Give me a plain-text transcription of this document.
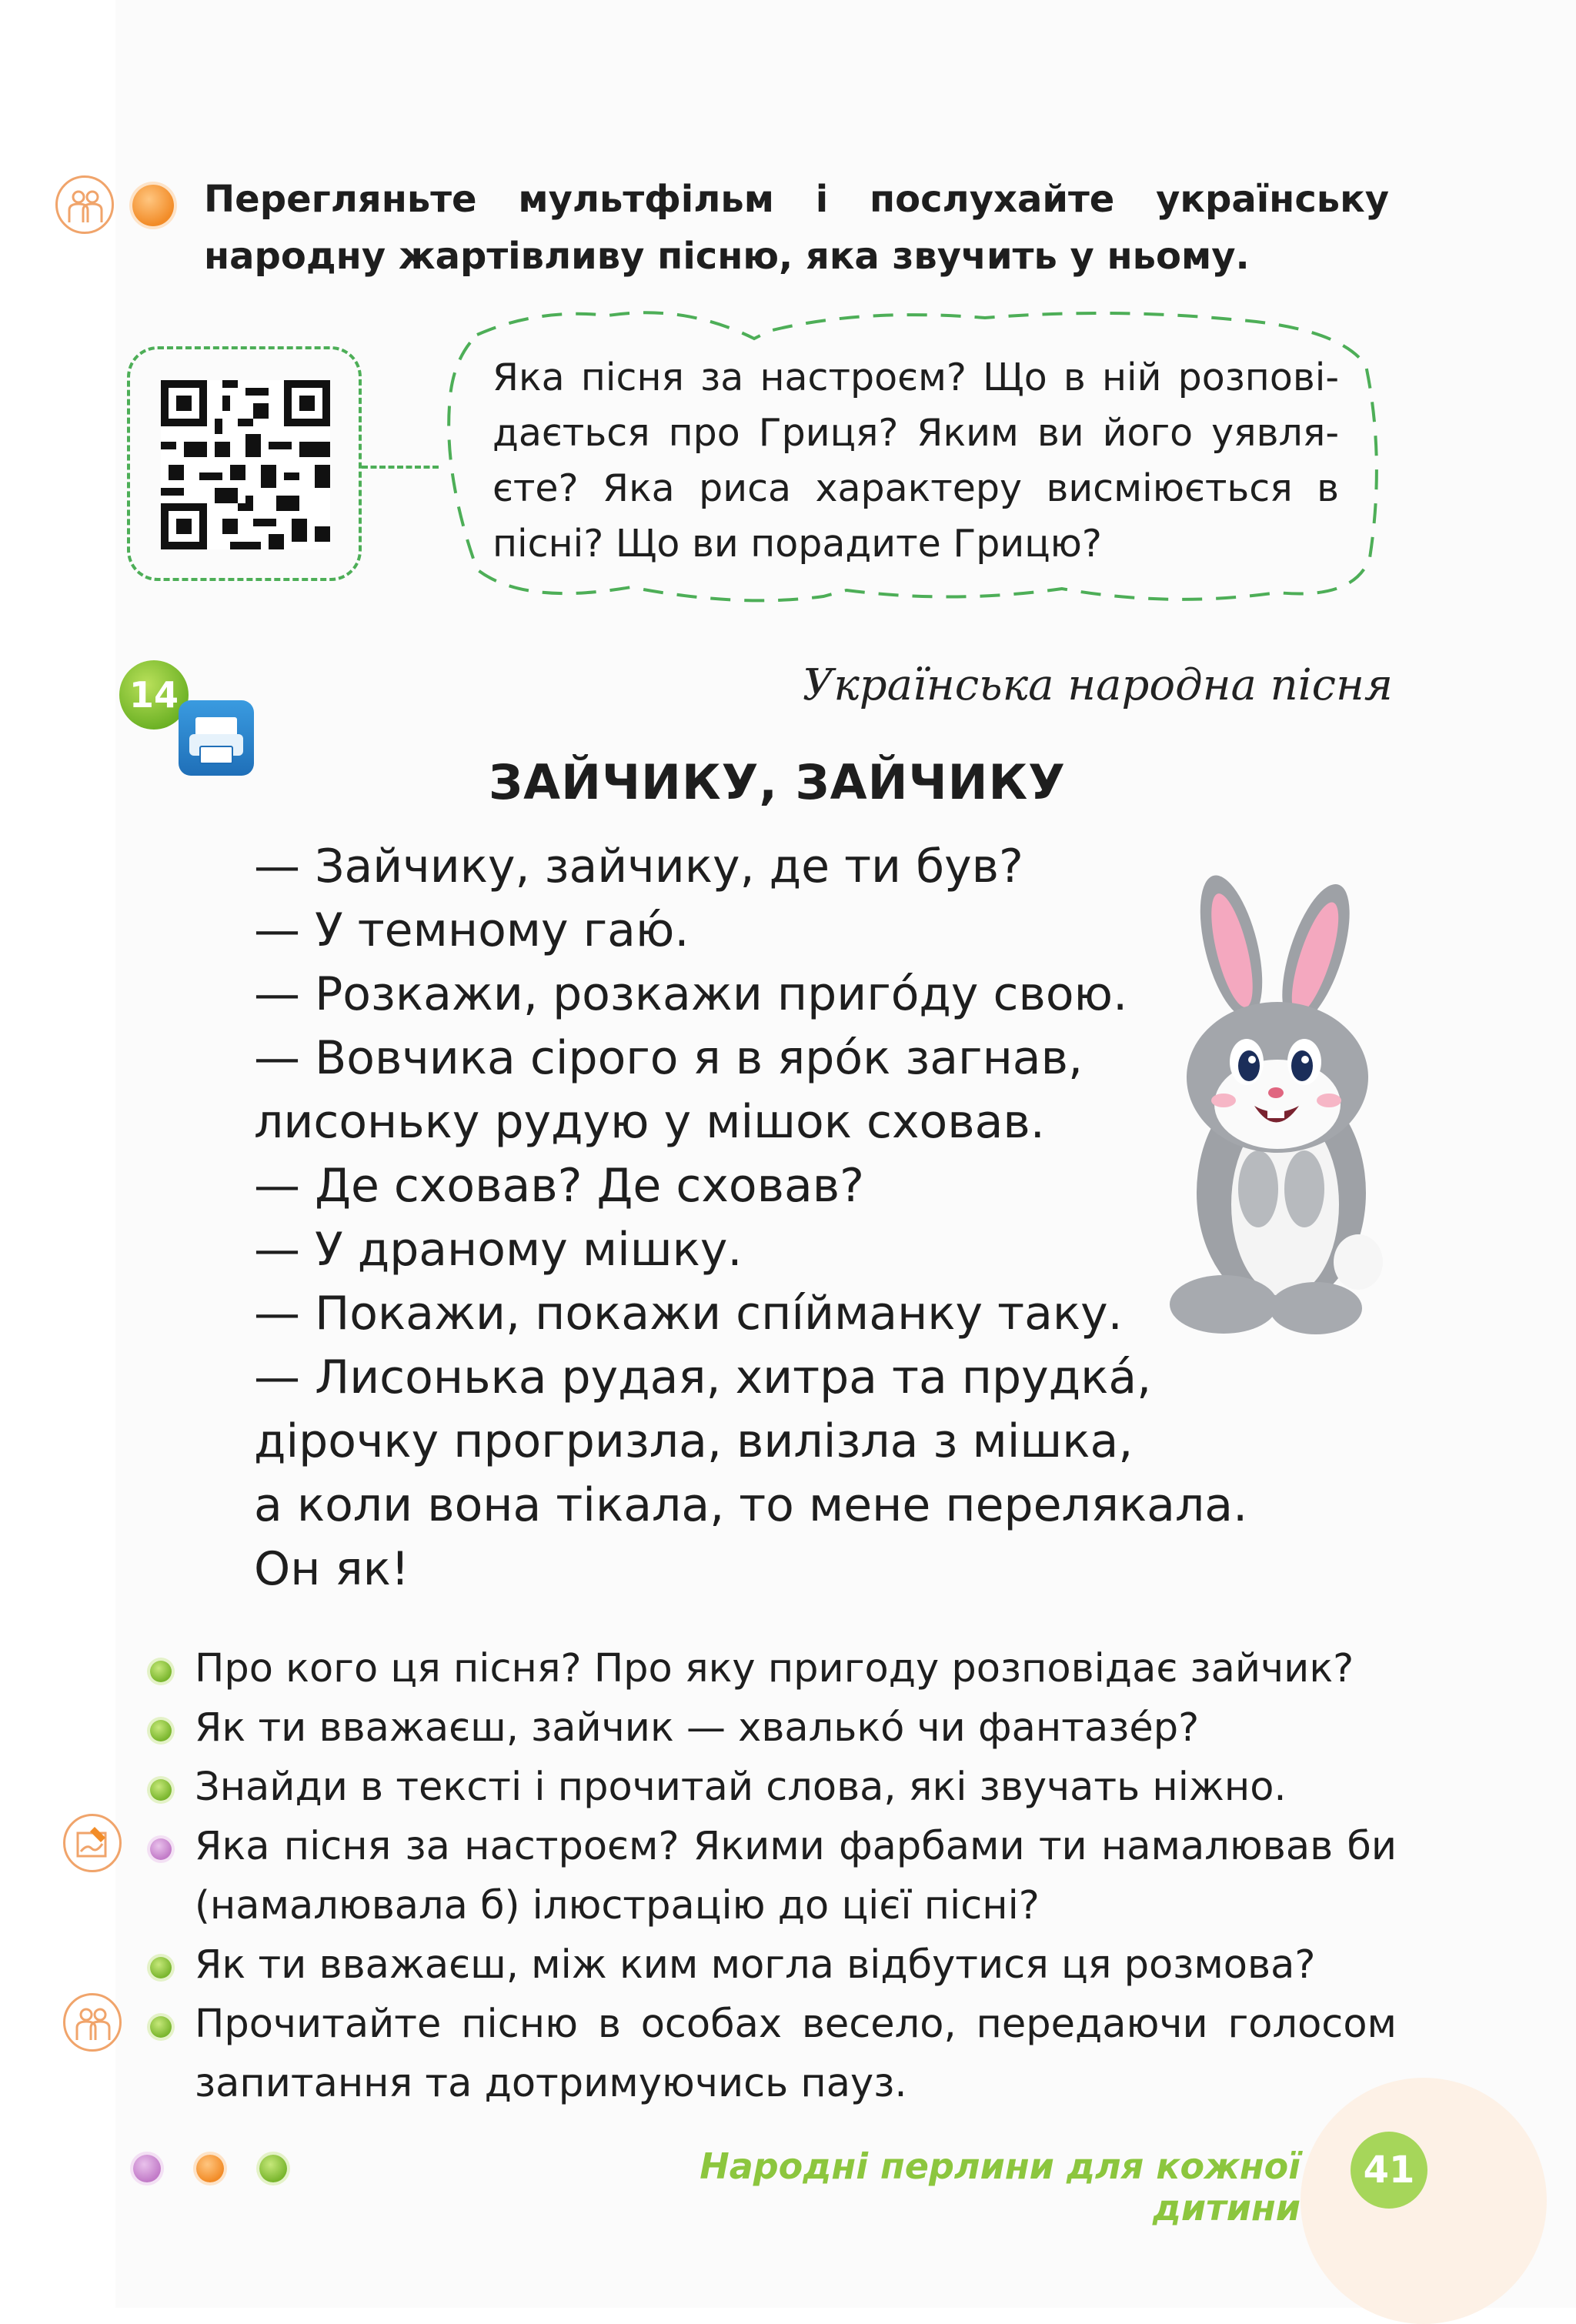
Перегляньте мультфільм і послухайте українську народну жартівливу пісню, яка звучить у ньому.
Яка пісня за настроєм? Що в ній розпові-дається про Гриця? Яким ви його уявля-єте? Яка риса характеру висміюється в пісні? Що ви порадите Грицю?
14	Українська народна пісня
ЗАЙЧИКУ, ЗАЙЧИКУ
— Зайчику, зайчику, де ти був?
— У темному гаю́.
— Розкажи, розкажи приго́ду свою.
— Вовчика сірого я в яро́к загнав,
лисоньку рудую у мішок сховав.
— Де сховав? Де сховав?
— У драному мішку.
— Покажи, покажи спі́йманку таку.
— Лисонька рудая, хитра та прудка́,
дірочку прогризла, вилізла з мішка,
а коли вона тікала, то мене перелякала.
Он як!
Про кого ця пісня? Про яку пригоду розповідає зайчик?
Як ти вважаєш, зайчик — хвалько́ чи фантазе́р?
Знайди в тексті і прочитай слова, які звучать ніжно.
Яка пісня за настроєм? Якими фарбами ти намалював би (намалювала б) ілюстрацію до цієї пісні?
Як ти вважаєш, між ким могла відбутися ця розмова?
Прочитайте пісню в особах весело, передаючи голосом запитання та дотримуючись пауз.
Народні перлини для кожної дитини
41
